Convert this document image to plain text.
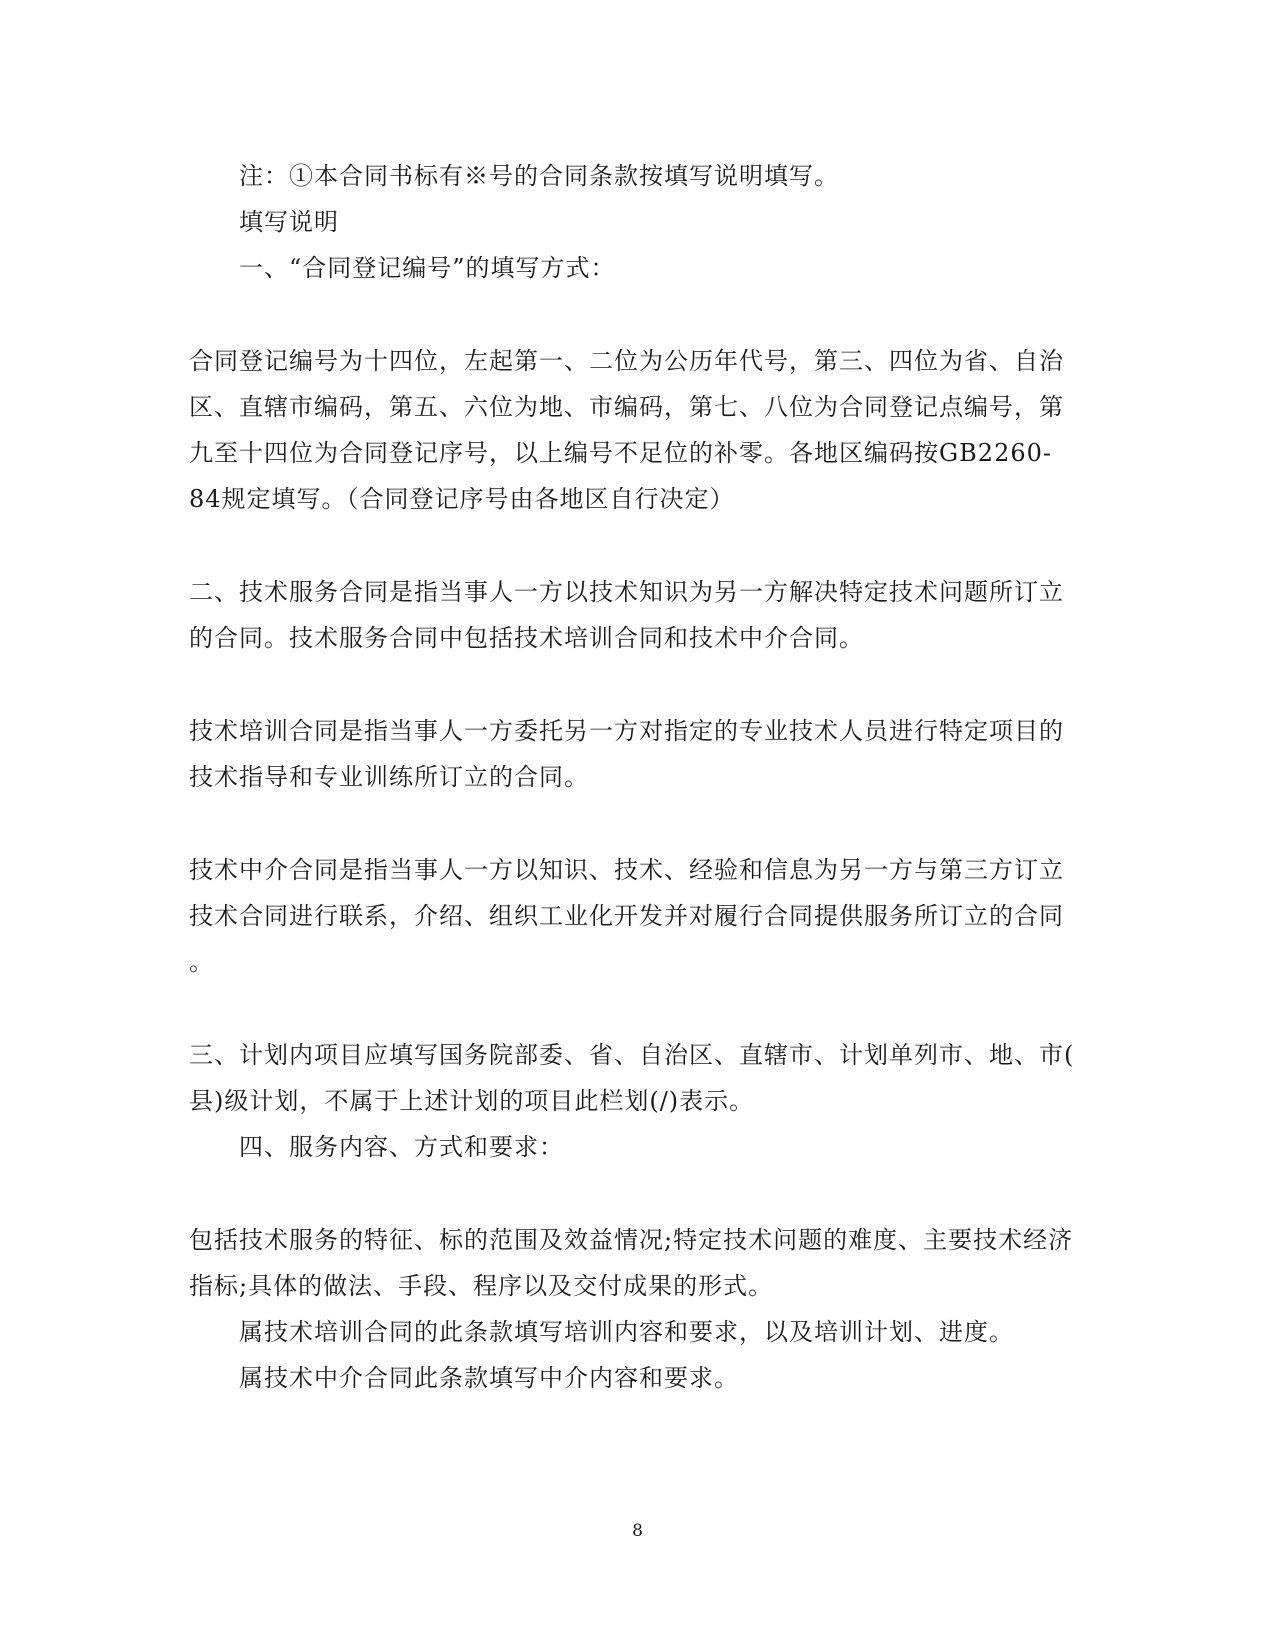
注：①本合同书标有※号的合同条款按填写说明填写。
填写说明
一、“合同登记编号”的填写方式：
合同登记编号为十四位，左起第一、二位为公历年代号，第三、四位为省、自治
区、直辖市编码，第五、六位为地、市编码，第七、八位为合同登记点编号，第
九至十四位为合同登记序号，以上编号不足位的补零。各地区编码按GB2260-
84规定填写。（合同登记序号由各地区自行决定）
二、技术服务合同是指当事人一方以技术知识为另一方解决特定技术问题所订立
的合同。技术服务合同中包括技术培训合同和技术中介合同。
技术培训合同是指当事人一方委托另一方对指定的专业技术人员进行特定项目的
技术指导和专业训练所订立的合同。
技术中介合同是指当事人一方以知识、技术、经验和信息为另一方与第三方订立
技术合同进行联系，介绍、组织工业化开发并对履行合同提供服务所订立的合同
。
三、计划内项目应填写国务院部委、省、自治区、直辖市、计划单列市、地、市(
县)级计划，不属于上述计划的项目此栏划(/)表示。
四、服务内容、方式和要求：
包括技术服务的特征、标的范围及效益情况;特定技术问题的难度、主要技术经济
指标;具体的做法、手段、程序以及交付成果的形式。
属技术培训合同的此条款填写培训内容和要求，以及培训计划、进度。
属技术中介合同此条款填写中介内容和要求。
8
